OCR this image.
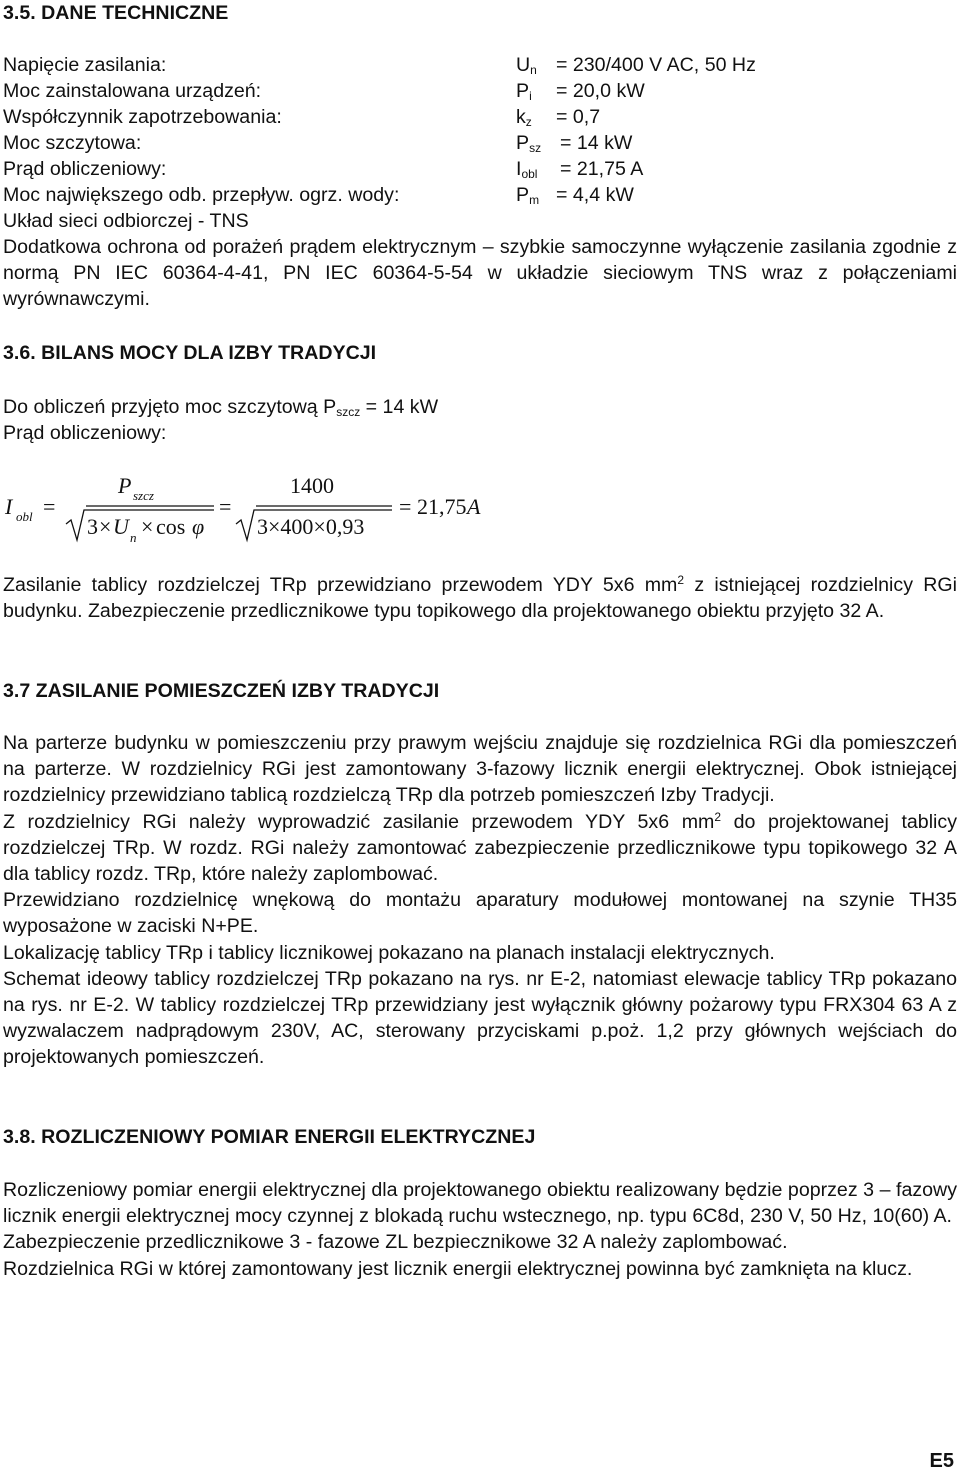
3.5. DANE TECHNICZNE
Napięcie zasilania:	$U_n = 230/400$ V AC, 50 Hz
Moc zainstalowana urządzeń:	$P_i = 20,0$ kW
Współczynnik zapotrzebowania:	$k_z = 0,7$
Moc szczytowa:	$P_{sz} = 14$ kW
Prąd obliczeniowy:	$I_{obl} = 21,75$ A
Moc największego odb. przepływ. ogrz. wody:	$P_m = 4,4$ kW
Układ sieci odbiorczej - TNS

Dodatkowa ochrona od porażeń prądem elektrycznym – szybkie samoczynne wyłączenie zasilania zgodnie z normą PN IEC 60364-4-41, PN IEC 60364-5-54 w układzie sieciowym TNS wraz z połączeniami wyrównawczymi.

3.6. BILANS MOCY DLA IZBY TRADYCJI
Do obliczeń przyjęto moc szczytową $P_{szcz} = 14$ kW
Prąd obliczeniowy:
I obl =
P szcz
3 × U n × cos φ
=
1400
3×400×0,93
= 21,75 A

Zasilanie tablicy rozdzielczej TRp przewidziano przewodem YDY 5x6 $mm^2$ z istniejącej rozdzielnicy RGi budynku. Zabezpieczenie przedlicznikowe typu topikowego dla projektowanego obiektu przyjęto 32 A.

3.7 ZASILANIE POMIESZCZEŃ IZBY TRADYCJI

Na parterze budynku w pomieszczeniu przy prawym wejściu znajduje się rozdzielnica RGi dla pomieszczeń na parterze. W rozdzielnicy RGi jest zamontowany 3-fazowy licznik energii elektrycznej. Obok istniejącej rozdzielnicy przewidziano tablicą rozdzielczą TRp dla potrzeb pomieszczeń Izby Tradycji.

Z rozdzielnicy RGi należy wyprowadzić zasilanie przewodem YDY 5x6 $mm^2$ do projektowanej tablicy rozdzielczej TRp. W rozdz. RGi należy zamontować zabezpieczenie przedlicznikowe typu topikowego 32 A dla tablicy rozdz. TRp, które należy zaplombować.

Przewidziano rozdzielnicę wnękową do montażu aparatury modułowej montowanej na szynie TH35 wyposażone w zaciski N+PE.

Lokalizację tablicy TRp i tablicy licznikowej pokazano na planach instalacji elektrycznych.

Schemat ideowy tablicy rozdzielczej TRp pokazano na rys. nr E-2, natomiast elewacje tablicy TRp pokazano na rys. nr E-2. W tablicy rozdzielczej TRp przewidziany jest wyłącznik główny pożarowy typu FRX304 63 A z wyzwalaczem nadprądowym 230V, AC, sterowany przyciskami p.poż. 1,2 przy głównych wejściach do projektowanych pomieszczeń.

3.8. ROZLICZENIOWY POMIAR ENERGII ELEKTRYCZNEJ

Rozliczeniowy pomiar energii elektrycznej dla projektowanego obiektu realizowany będzie poprzez 3 – fazowy licznik energii elektrycznej mocy czynnej z blokadą ruchu wstecznego, np. typu 6C8d, 230 V, 50 Hz, 10(60) A.

Zabezpieczenie przedlicznikowe 3 - fazowe ZL bezpiecznikowe 32 A należy zaplombować.

Rozdzielnica RGi w której zamontowany jest licznik energii elektrycznej powinna być zamknięta na klucz.

E5
